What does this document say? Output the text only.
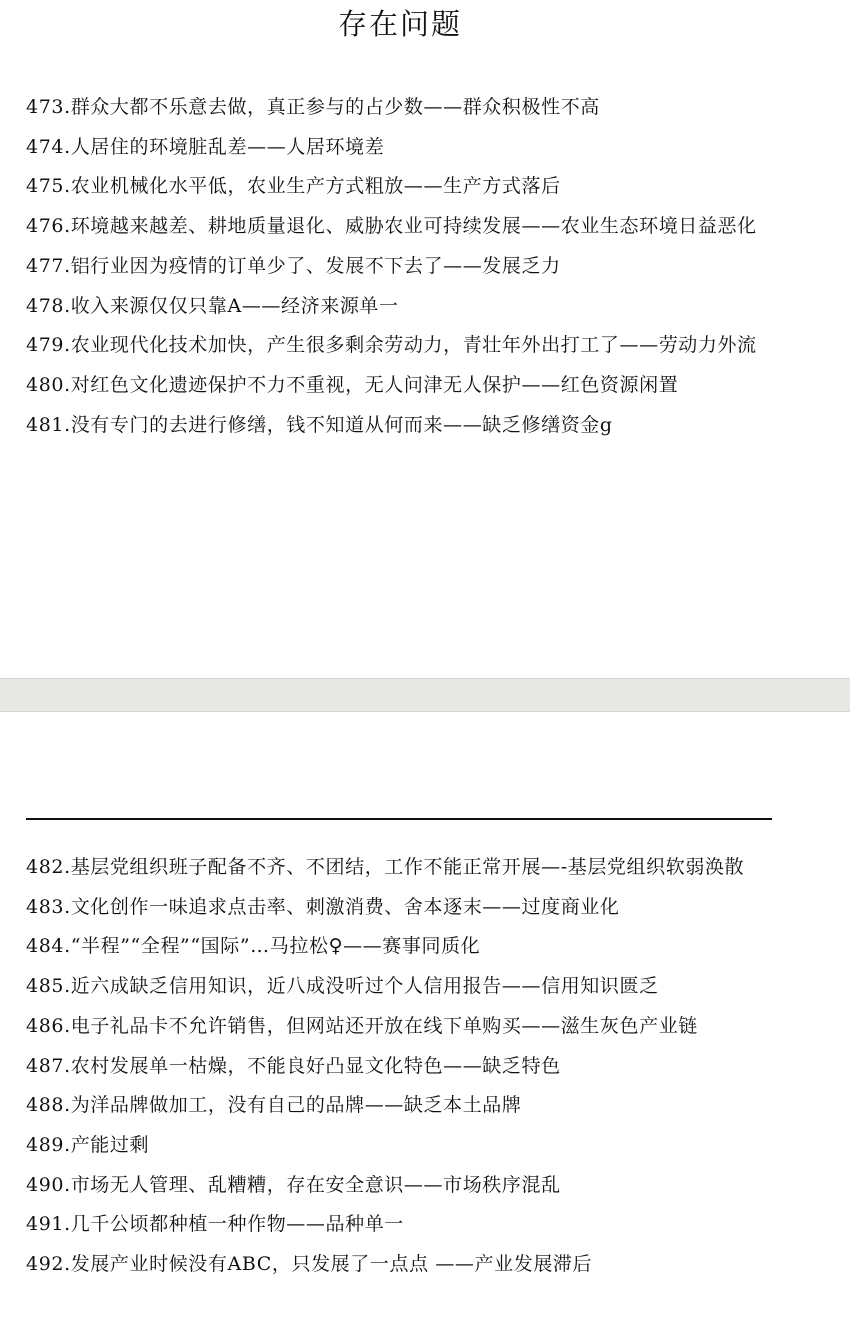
存在问题
473.群众大都不乐意去做，真正参与的占少数——群众积极性不高
474.人居住的环境脏乱差——人居环境差
475.农业机械化水平低，农业生产方式粗放——生产方式落后
476.环境越来越差、耕地质量退化、威胁农业可持续发展——农业生态环境日益恶化
477.铝行业因为疫情的订单少了、发展不下去了——发展乏力
478.收入来源仅仅只靠A——经济来源单一
479.农业现代化技术加快，产生很多剩余劳动力，青壮年外出打工了——劳动力外流
480.对红色文化遗迹保护不力不重视，无人问津无人保护——红色资源闲置
481.没有专门的去进行修缮，钱不知道从何而来——缺乏修缮资金g
482.基层党组织班子配备不齐、不团结，工作不能正常开展—-基层党组织软弱涣散
483.文化创作一味追求点击率、刺激消费、舍本逐末——过度商业化
484.“半程”“全程”“国际”…马拉松♀——赛事同质化
485.近六成缺乏信用知识，近八成没听过个人信用报告——信用知识匮乏
486.电子礼品卡不允许销售，但网站还开放在线下单购买——滋生灰色产业链
487.农村发展单一枯燥，不能良好凸显文化特色——缺乏特色
488.为洋品牌做加工，没有自己的品牌——缺乏本土品牌
489.产能过剩
490.市场无人管理、乱糟糟，存在安全意识——市场秩序混乱
491.几千公顷都种植一种作物——品种单一
492.发展产业时候没有ABC，只发展了一点点 ——产业发展滞后
